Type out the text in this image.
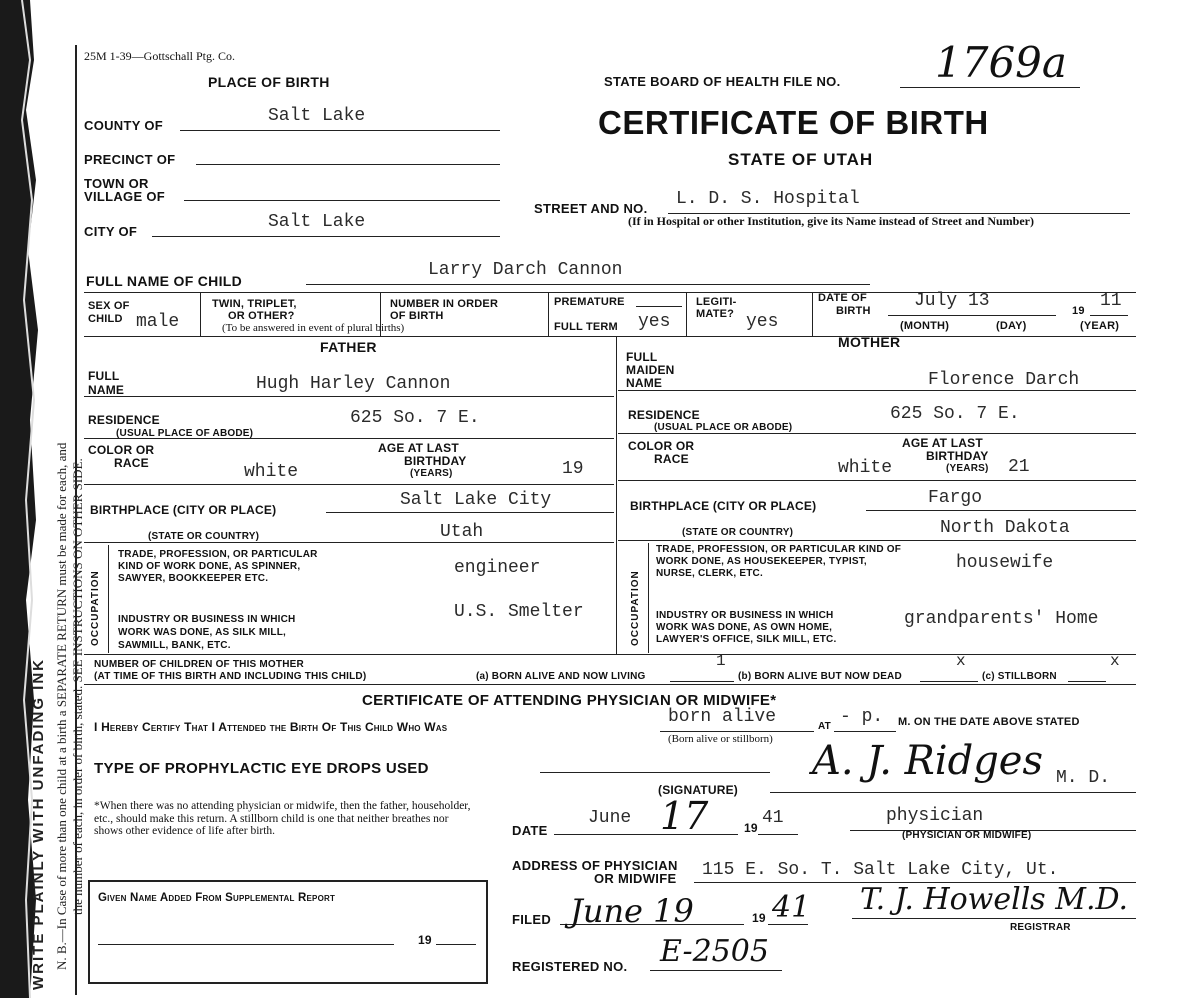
WRITE PLAINLY WITH UNFADING INK N. B.—In Case of more than one child at a birth a SEPARATE RETURN must be made for each, and the number of each, in order of birth, stated. SEE INSTRUCTIONS ON OTHER SIDE.
25M 1-39—Gottschall Ptg. Co.
PLACE OF BIRTH	STATE BOARD OF HEALTH FILE NO. 1769a
CERTIFICATE OF BIRTH
STATE OF UTAH
COUNTY OF	Salt Lake
PRECINCT OF
TOWN OR
VILLAGE OF
CITY OF	Salt Lake
STREET AND NO. L. D. S. Hospital
(If in Hospital or other Institution, give its Name instead of Street and Number)
FULL NAME OF CHILD
Larry Darch Cannon
SEX OF
CHILD male
TWIN, TRIPLET,
OR OTHER?
NUMBER IN ORDER
OF BIRTH
(To be answered in event of plural births)
PREMATURE
FULL TERM yes
LEGITI-
MATE? yes
DATE OF
BIRTH July 13	19 11
(MONTH)	(DAY)	(YEAR)
FATHER	MOTHER
FULL
NAME	Hugh Harley Cannon
RESIDENCE
(USUAL PLACE OF ABODE)
625 So. 7 E.
COLOR OR
RACE	white
AGE AT LAST
BIRTHDAY
(YEARS)	19
BIRTHPLACE (CITY OR PLACE)	Salt Lake City
(STATE OR COUNTRY)	Utah
OCCUPATION
TRADE, PROFESSION, OR PARTICULAR
KIND OF WORK DONE, AS SPINNER,
SAWYER, BOOKKEEPER ETC.
engineer
INDUSTRY OR BUSINESS IN WHICH
WORK WAS DONE, AS SILK MILL,
SAWMILL, BANK, ETC.
U.S. Smelter
FULL
MAIDEN
NAME	Florence Darch
RESIDENCE
(USUAL PLACE OR ABODE)
625 So. 7 E.
COLOR OR
RACE	white
AGE AT LAST
BIRTHDAY
(YEARS) 21
BIRTHPLACE (CITY OR PLACE)	Fargo
(STATE OR COUNTRY)	North Dakota
OCCUPATION
TRADE, PROFESSION, OR PARTICULAR KIND OF
WORK DONE, AS HOUSEKEEPER, TYPIST,
NURSE, CLERK, ETC.
housewife
INDUSTRY OR BUSINESS IN WHICH
WORK WAS DONE, AS OWN HOME,
LAWYER'S OFFICE, SILK MILL, ETC.
grandparents' Home
NUMBER OF CHILDREN OF THIS MOTHER
(AT TIME OF THIS BIRTH AND INCLUDING THIS CHILD)	(a) BORN ALIVE AND NOW LIVING
1
(b) BORN ALIVE BUT NOW DEAD
x
(c) STILLBORN
x
CERTIFICATE OF ATTENDING PHYSICIAN OR MIDWIFE*
I Hereby Certify That I Attended the Birth Of This Child Who Was	born alive
(Born alive or stillborn)
AT - p. M. ON THE DATE ABOVE STATED
TYPE OF PROPHYLACTIC EYE DROPS USED
(SIGNATURE)
A. J. Ridges M. D.
*When there was no attending physician or midwife, then the father, householder, etc., should make this return. A stillborn child is one that neither breathes nor shows other evidence of life after birth.	DATE
June 17	19 41	physician
(PHYSICIAN OR MIDWIFE)
ADDRESS OF PHYSICIAN
OR MIDWIFE 115 E. So. T. Salt Lake City, Ut.
Given Name Added From Supplemental Report
19
FILED June 19	19 41 T. J. Howells M.D.
REGISTRAR
REGISTERED NO. E-2505
